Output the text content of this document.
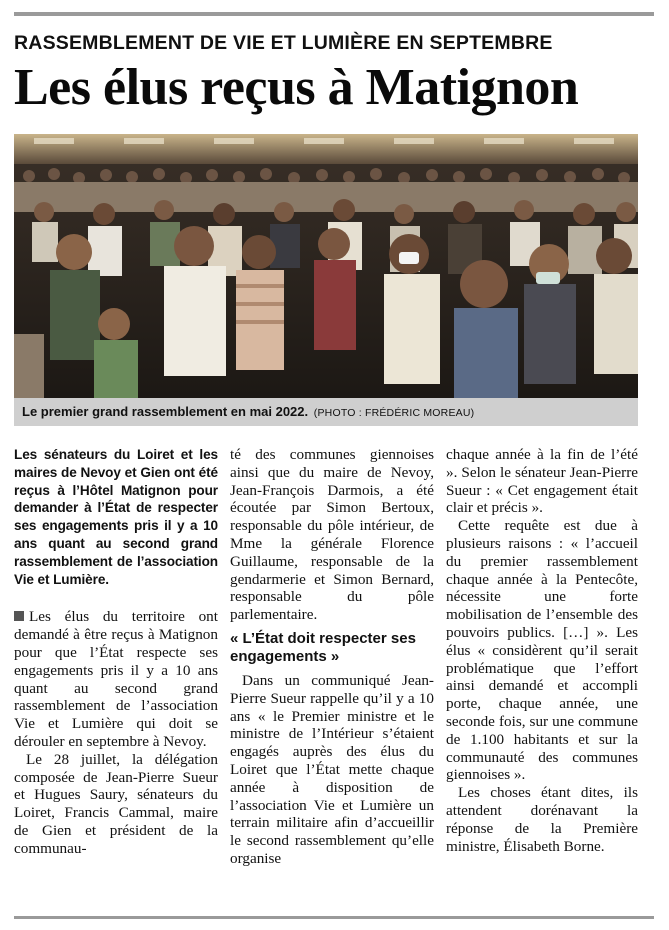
RASSEMBLEMENT DE VIE ET LUMIÈRE EN SEPTEMBRE
Les élus reçus à Matignon
Le premier grand rassemblement en mai 2022. (PHOTO : FRÉDÉRIC MOREAU)

Les sénateurs du Loiret et les maires de Nevoy et Gien ont été reçus à l’Hôtel Matignon pour demander à l’État de respecter ses engagements pris il y a 10 ans quant au second grand rassemblement de l’association Vie et Lumière.

Les élus du territoire ont demandé à être reçus à Matignon pour que l’État respecte ses engagements pris il y a 10 ans quant au second grand rassemblement de l’association Vie et Lumière qui doit se dérouler en septembre à Nevoy.

Le 28 juillet, la délégation composée de Jean-Pierre Sueur et Hugues Saury, sénateurs du Loiret, Francis Cammal, maire de Gien et président de la communau-

té des communes giennoises ainsi que du maire de Nevoy, Jean-François Darmois, a été écoutée par Simon Bertoux, responsable du pôle intérieur, de Mme la générale Florence Guillaume, responsable de la gendarmerie et Simon Bernard, responsable du pôle parlementaire.

« L’État doit respecter ses engagements »

Dans un communiqué Jean-Pierre Sueur rappelle qu’il y a 10 ans « le Premier ministre et le ministre de l’Intérieur s’étaient engagés auprès des élus du Loiret que l’État mette chaque année à disposition de l’association Vie et Lumière un terrain militaire afin d’accueillir le second rassemblement qu’elle organise

chaque année à la fin de l’été ». Selon le sénateur Jean-Pierre Sueur : « Cet engagement était clair et précis ».

Cette requête est due à plusieurs raisons : « l’accueil du premier rassemblement chaque année à la Pentecôte, nécessite une forte mobilisation de l’ensemble des pouvoirs publics. […] ». Les élus « considèrent qu’il serait problématique que l’effort ainsi demandé et accompli porte, chaque année, une seconde fois, sur une commune de 1.100 habitants et sur la communauté des communes giennoises ».

Les choses étant dites, ils attendent dorénavant la réponse de la Première ministre, Élisabeth Borne.
